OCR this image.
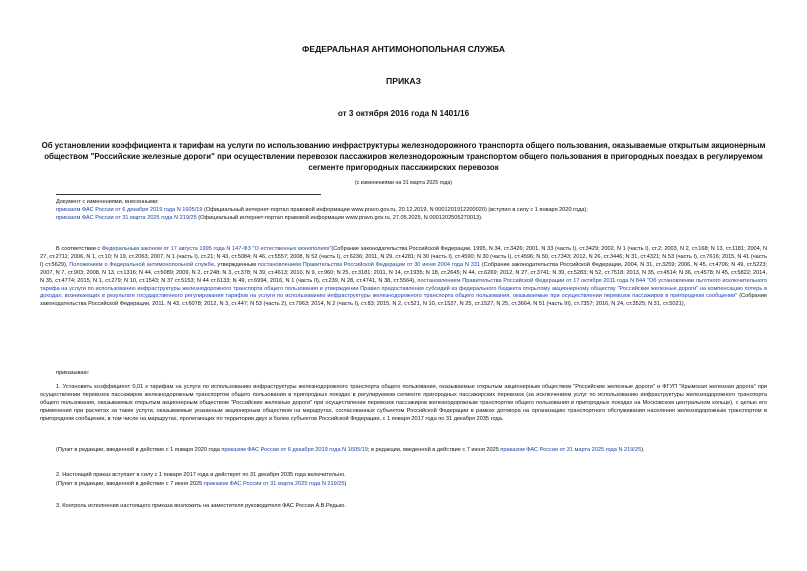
ФЕДЕРАЛЬНАЯ АНТИМОНОПОЛЬНАЯ СЛУЖБА
ПРИКАЗ
от 3 октября 2016 года N 1401/16
Об установлении коэффициента к тарифам на услуги по использованию инфраструктуры железнодорожного транспорта общего пользования, оказываемые открытым акционерным обществом "Российские железные дороги" при осуществлении перевозок пассажиров железнодорожным транспортом общего пользования в пригородных поездах в регулируемом сегменте пригородных пассажирских перевозок
(с изменениями на 31 марта 2025 года)
Документ с изменениями, внесенными:
приказом ФАС России от 6 декабря 2019 года N 1605/19 (Официальный интернет-портал правовой информации www.pravo.gov.ru, 20.12.2019, N 0001201912200020) (вступил в силу с 1 января 2020 года);
приказом ФАС России от 31 марта 2025 года N 219/25 (Официальный интернет-портал правовой информации www.pravo.gov.ru, 27.05.2025, N 0001202505270013).
В соответствии с Федеральным законом от 17 августа 1995 года N 147-ФЗ "О естественных монополиях"(Собрание законодательства Российской Федерации, 1995, N 34, ст.3426; 2001, N 33 (часть I), ст.3429; 2002, N 1 (часть I), ст.2; 2003, N 2, ст.168; N 13, ст.1181; 2004, N 27, ст.2711; 2006, N 1, ст.10; N 19, ст.2063; 2007, N 1 (часть I), ст.21; N 43, ст.5084; N 46, ст.5557; 2008, N 52 (часть I), ст.6236; 2011, N 29, ст.4281; N 30 (часть I), ст.4590; N 30 (часть I), ст.4596; N 50, ст.7343; 2012, N 26, ст.3446; N 31, ст.4321; N 53 (часть I), ст.7616; 2015, N 41 (часть I) ст.5629), Положением о Федеральной антимонопольной службе, утвержденным постановлением Правительства Российской Федерации от 30 июня 2004 года N 331 (Собрание законодательства Российской Федерации, 2004, N 31, ст.3259; 2006, N 45, ст.4706; N 49, ст.5223; 2007, N 7, ст.903; 2008, N 13, ст.1316; N 44, ст.5089; 2009, N 2, ст.248; N 3, ст.378; N 39, ст.4613; 2010, N 9, ст.960; N 25, ст.3181; 2011, N 14, ст.1935; N 18, ст.2645; N 44, ст.6269; 2012, N 27, ст.3741; N 39, ст.5283; N 52, ст.7518; 2013, N 35, ст.4514; N 36, ст.4578; N 45, ст.5822; 2014, N 35, ст.4774; 2015, N 1, ст.279; N 10, ст.1543; N 37 ст.5153; N 44 ст.6133; N 49, ст.6994, 2016, N 1 (часть II), ст.239, N 28, ст.4741, N 38, ст.5564), постановлением Правительства Российской Федерации от 17 октября 2011 года N 844 "Об установлении льготного исключительного тарифа на услуги по использованию инфраструктуры железнодорожного транспорта общего пользования и утверждении Правил предоставления субсидий из федерального бюджета открытому акционерному обществу "Российские железные дороги" на компенсацию потерь в доходах, возникающих в результате государственного регулирования тарифов на услуги по использованию инфраструктуры железнодорожного транспорта общего пользования, оказываемые при осуществлении перевозок пассажиров в пригородном сообщении" (Собрание законодательства Российской Федерации, 2011, N 43, ст.6078; 2012, N 3, ст.447; N 53 (часть 2), ст.7963; 2014, N 2 (часть I), ст.83; 2015, N 2, ст.521, N 10, ст.1527, N 25, ст.1527, N 25, ст.3664, N 51 (часть III), ст.7357; 2016, N 24, ст.3525; N 31, ст.5021),
приказываю:
1. Установить коэффициент 0,01 к тарифам на услуги по использованию инфраструктуры железнодорожного транспорта общего пользования, оказываемые открытым акционерным обществом "Российские железные дороги" и ФГУП "Крымская железная дорога" при осуществлении перевозок пассажиров железнодорожным транспортом общего пользования в пригородных поездах в регулируемом сегменте пригородных пассажирских перевозок (за исключением услуг по использованию инфраструктуры железнодорожного транспорта общего пользования, оказываемых открытым акционерным обществом "Российские железные дороги" при осуществлении перевозок пассажиров железнодорожным транспортом общего пользования в пригородных поездах на Московском центральном кольце), с целью его применения при расчетах за такие услуги, оказываемые указанным акционерным обществом на маршрутах, согласованных субъектом Российской Федерации в рамках договора на организацию транспортного обслуживания населения железнодорожным транспортом в пригородном сообщении, в том числе на маршрутах, пролегающих по территории двух и более субъектов Российской Федерации, с 1 января 2017 года по 31 декабря 2035 года.
(Пункт в редакции, введенной в действие с 1 января 2020 года приказом ФАС России от 6 декабря 2019 года N 1605/19; в редакции, введенной в действие с 7 июня 2025 приказом ФАС России от 31 марта 2025 года N 219/25).
2. Настоящий приказ вступает в силу с 1 января 2017 года и действует по 31 декабря 2035 года включительно.
(Пункт в редакции, введенной в действие с 7 июня 2025 приказом ФАС России от 31 марта 2025 года N 219/25)
3. Контроль исполнения настоящего приказа возложить на заместителя руководителя ФАС России А.В.Редько.
